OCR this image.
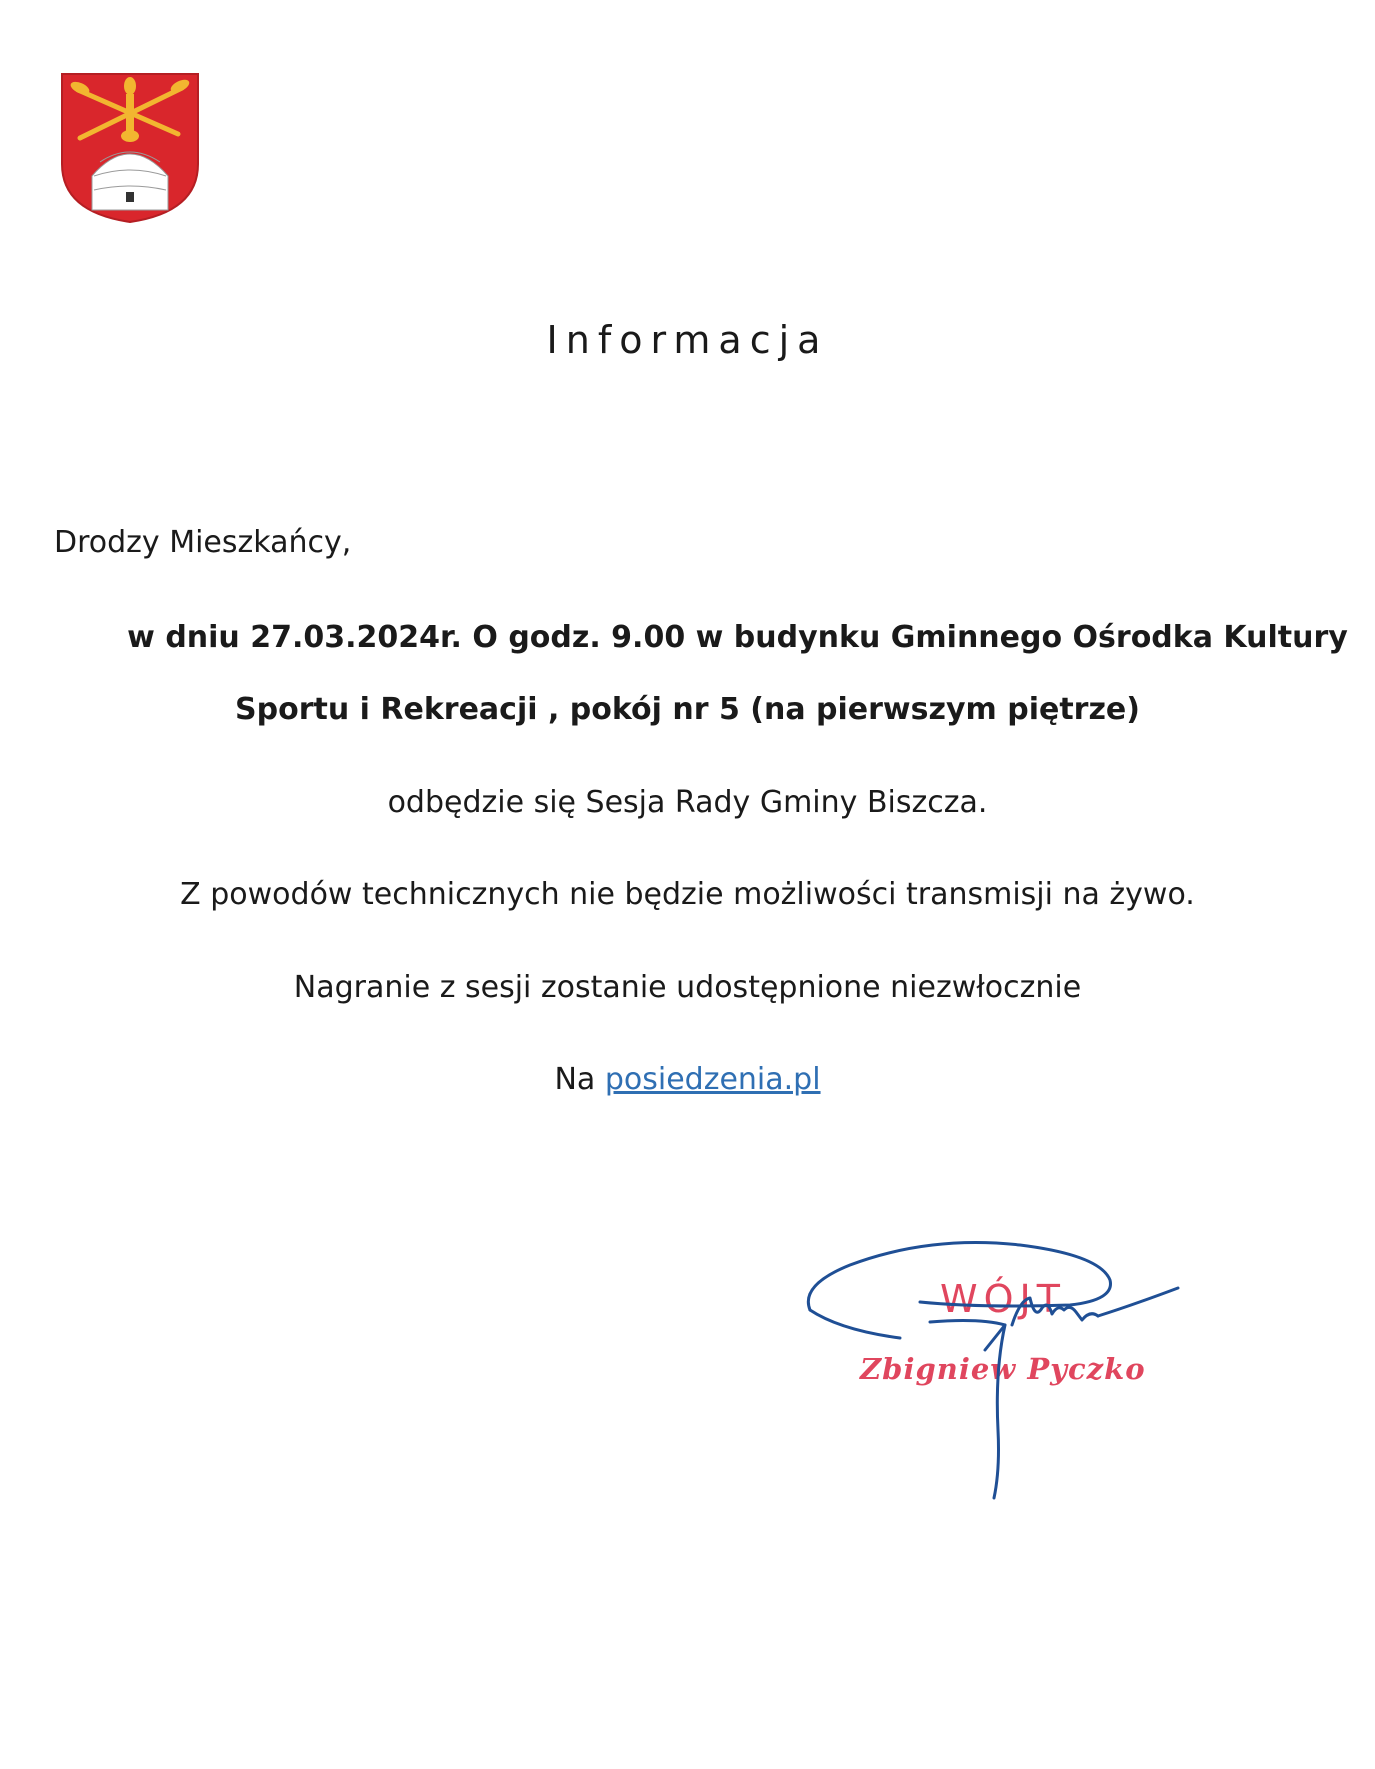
Informacja
Drodzy Mieszkańcy,
w dniu 27.03.2024r. O godz. 9.00 w budynku Gminnego Ośrodka Kultury
Sportu i Rekreacji , pokój nr 5 (na pierwszym piętrze)
odbędzie się Sesja Rady Gminy Biszcza.
Z powodów technicznych nie będzie możliwości transmisji na żywo.
Nagranie z sesji zostanie udostępnione niezwłocznie
Na posiedzenia.pl
WÓJT
Zbigniew Pyczko
